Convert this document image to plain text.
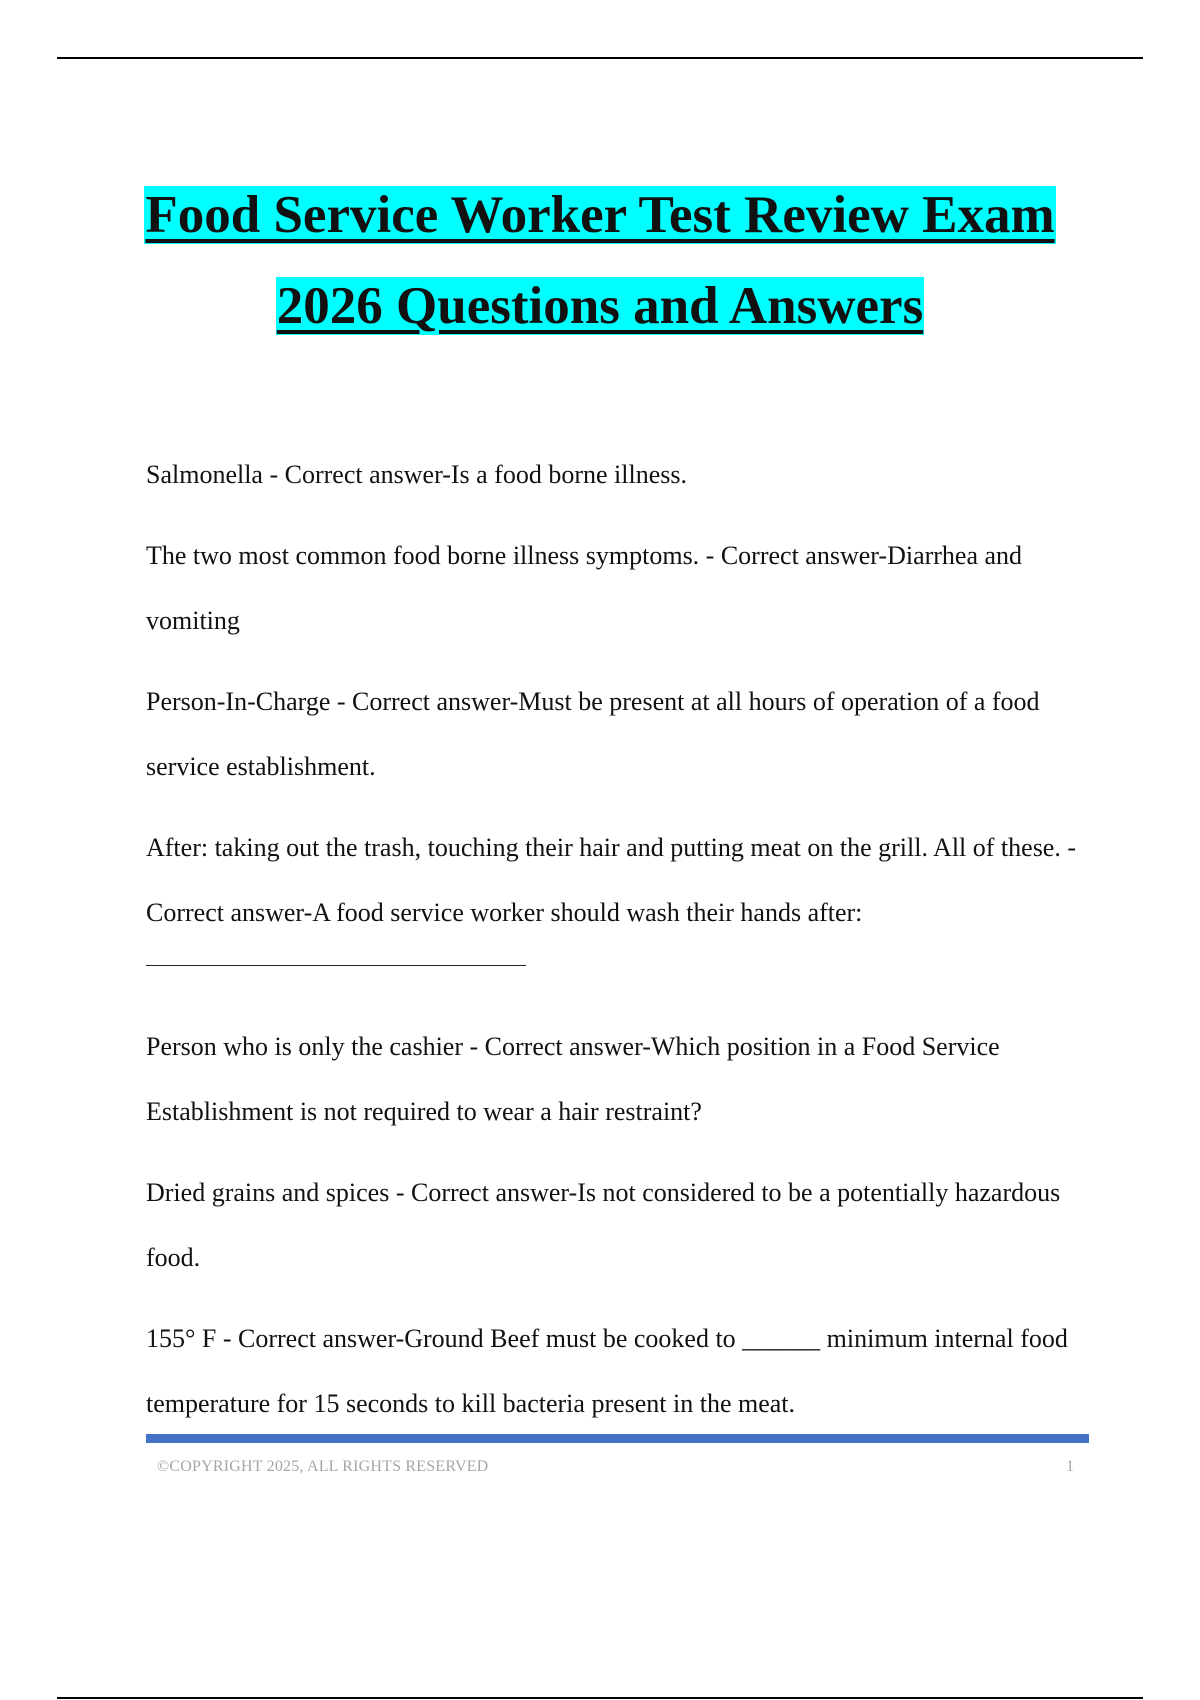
Food Service Worker Test Review Exam
2026 Questions and Answers

Salmonella - Correct answer-Is a food borne illness.

The two most common food borne illness symptoms. - Correct answer-Diarrhea and vomiting

Person-In-Charge - Correct answer-Must be present at all hours of operation of a food service establishment.

After: taking out the trash, touching their hair and putting meat on the grill. All of these. - Correct answer-A food service worker should wash their hands after:

Person who is only the cashier - Correct answer-Which position in a Food Service Establishment is not required to wear a hair restraint?

Dried grains and spices - Correct answer-Is not considered to be a potentially hazardous food.

155° F - Correct answer-Ground Beef must be cooked to ______ minimum internal food temperature for 15 seconds to kill bacteria present in the meat.

©COPYRIGHT 2025, ALL RIGHTS RESERVED	1
